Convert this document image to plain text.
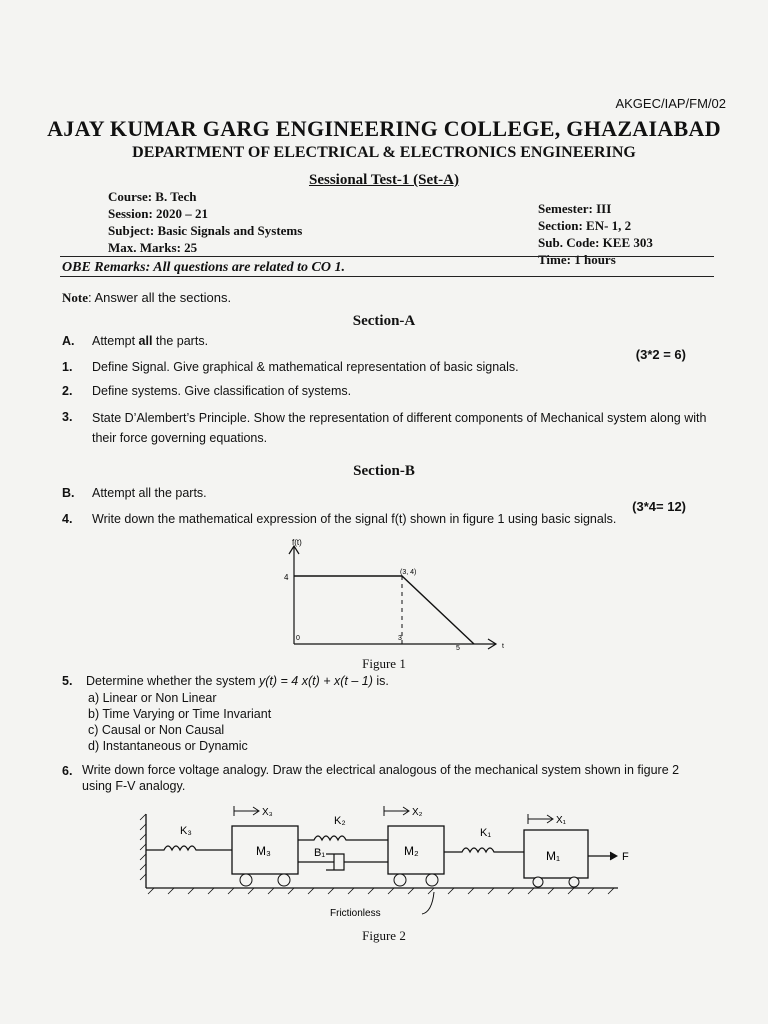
AKGEC/IAP/FM/02
AJAY KUMAR GARG ENGINEERING COLLEGE, GHAZAIABAD
DEPARTMENT OF ELECTRICAL & ELECTRONICS ENGINEERING
Sessional Test-1 (Set-A)
Course: B. Tech
Session: 2020 – 21
Subject: Basic Signals and Systems
Max. Marks: 25
Semester: III
Section: EN- 1, 2
Sub. Code: KEE 303
Time: 1 hours
OBE Remarks: All questions are related to CO 1.
Note: Answer all the sections.
Section-A
A. Attempt all the parts.
(3*2 = 6)
1. Define Signal. Give graphical & mathematical representation of basic signals.
2. Define systems. Give classification of systems.
3. State D’Alembert’s Principle. Show the representation of different components of Mechanical system along with their force governing equations.
Section-B
B. Attempt all the parts.
(3*4= 12)
4. Write down the mathematical expression of the signal f(t) shown in figure 1 using basic signals.
f(t)
4
0
(3, 4)
3
5	t
Figure 1
5. Determine whether the system y(t) = 4 x(t) + x(t – 1) is.
a) Linear or Non Linear
b) Time Varying or Time Invariant
c) Causal or Non Causal
d) Instantaneous or Dynamic
6. Write down force voltage analogy. Draw the electrical analogous of the mechanical system shown in figure 2 using F-V analogy.
K₃
M₃
X₃
K₂
B₁	M₂
X₂
K₁
M₁
X₁
F
Frictionless
Figure 2
